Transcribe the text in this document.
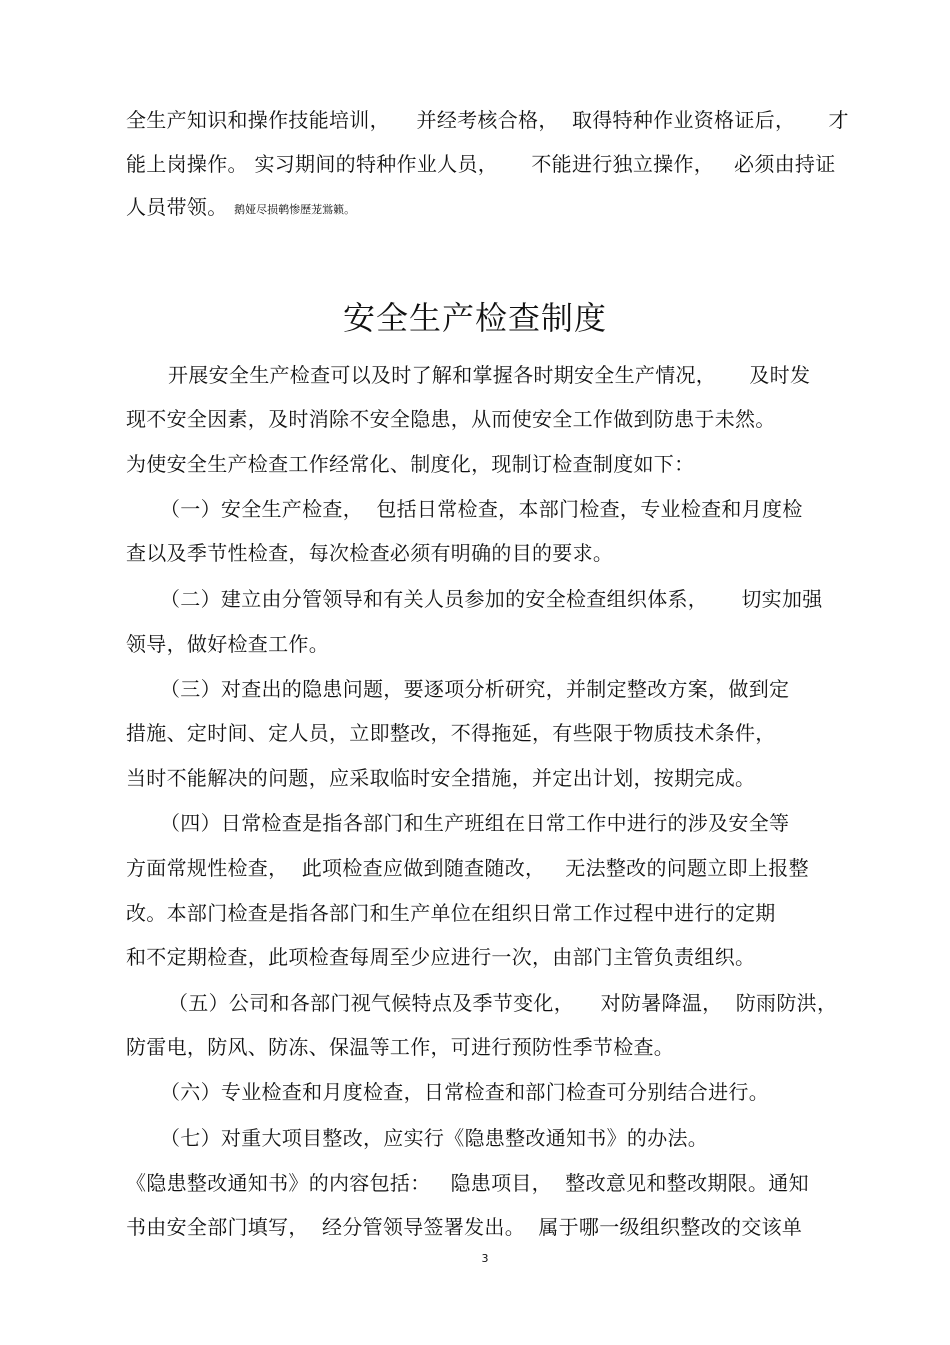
全生产知识和操作技能培训，    并经考核合格，  取得特种作业资格证后，     才
能上岗操作。 实习期间的特种作业人员，     不能进行独立操作，   必须由持证
人员带领。 鹅娅尽损鹌惨歷茏鴬籁。
安全生产检查制度
开展安全生产检查可以及时了解和掌握各时期安全生产情况，     及时发
现不安全因素，及时消除不安全隐患，从而使安全工作做到防患于未然。
为使安全生产检查工作经常化、制度化，现制订检查制度如下：
（一）安全生产检查，  包括日常检查，本部门检查，专业检查和月度检
查以及季节性检查，每次检查必须有明确的目的要求。
（二）建立由分管领导和有关人员参加的安全检查组织体系，     切实加强
领导，做好检查工作。
（三）对查出的隐患问题，要逐项分析研究，并制定整改方案，做到定
措施、定时间、定人员，立即整改，不得拖延，有些限于物质技术条件，
当时不能解决的问题，应采取临时安全措施，并定出计划，按期完成。
（四）日常检查是指各部门和生产班组在日常工作中进行的涉及安全等
方面常规性检查，  此项检查应做到随查随改，   无法整改的问题立即上报整
改。本部门检查是指各部门和生产单位在组织日常工作过程中进行的定期
和不定期检查，此项检查每周至少应进行一次，由部门主管负责组织。
（五）公司和各部门视气候特点及季节变化，    对防暑降温，  防雨防洪，
防雷电，防风、防冻、保温等工作，可进行预防性季节检查。
（六）专业检查和月度检查，日常检查和部门检查可分别结合进行。
（七）对重大项目整改，应实行《隐患整改通知书》的办法。
《隐患整改通知书》的内容包括：   隐患项目，  整改意见和整改期限。通知
书由安全部门填写，  经分管领导签署发出。  属于哪一级组织整改的交该单
3
